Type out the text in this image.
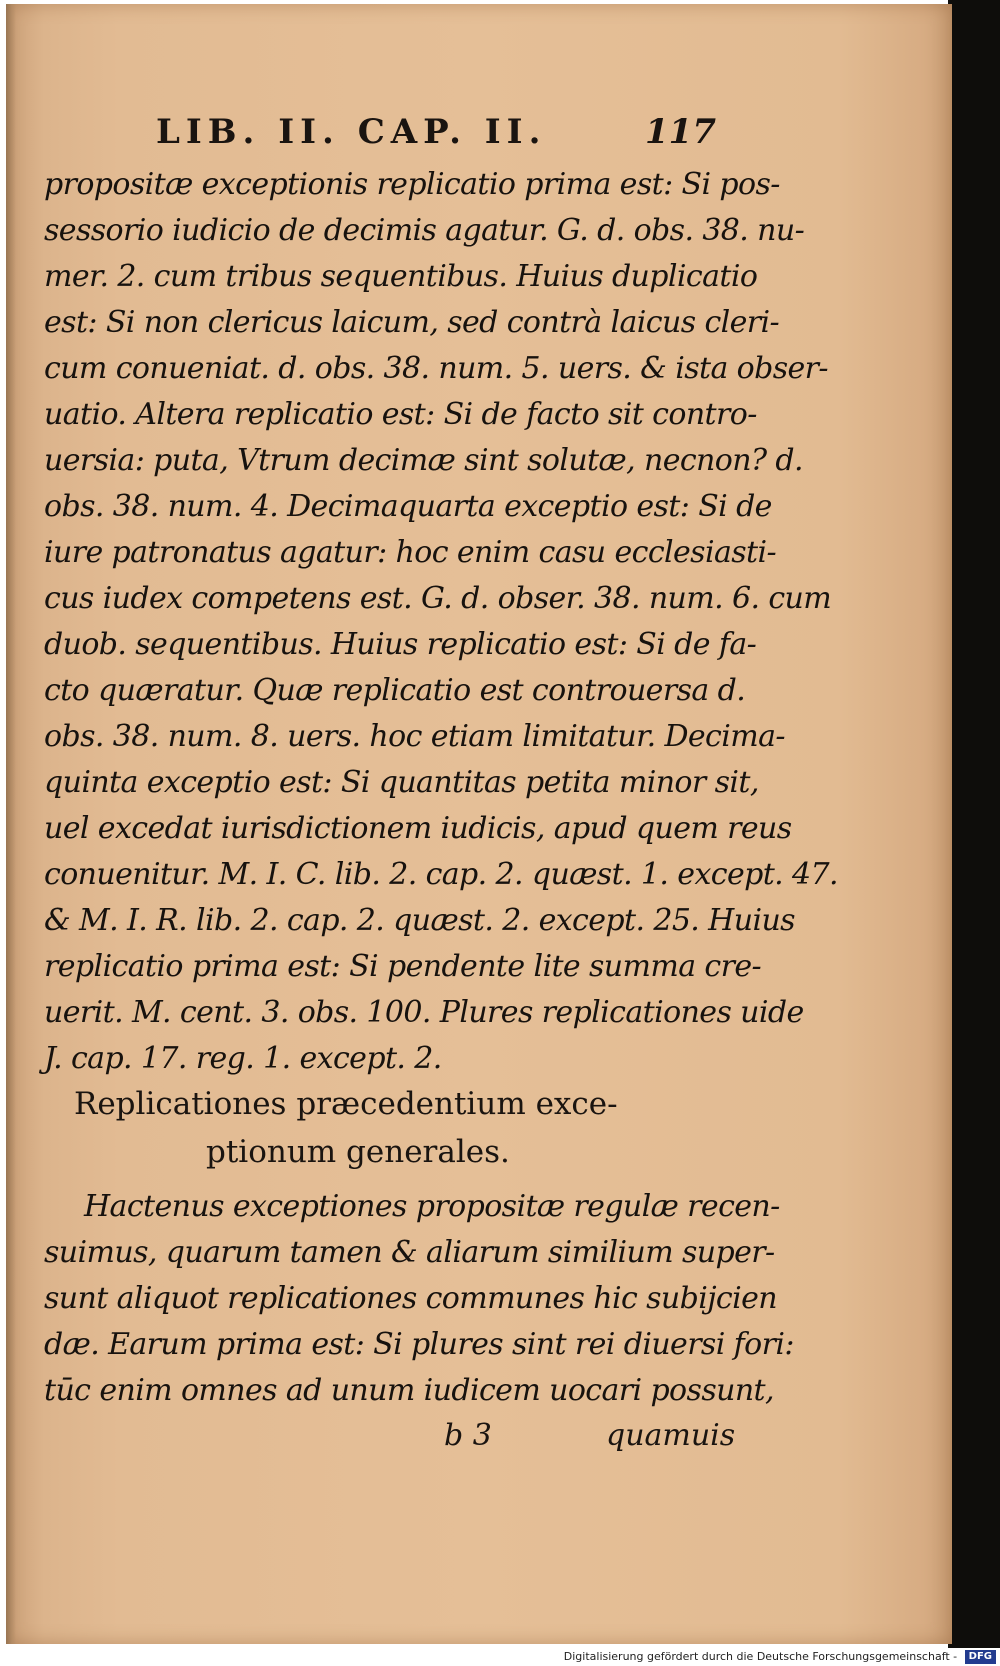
LIB. II. CAP. II.	117
propositæ exceptionis replicatio prima est: Si pos-
sessorio iudicio de decimis agatur. G. d. obs. 38. nu-
mer. 2. cum tribus sequentibus. Huius duplicatio
est: Si non clericus laicum, sed contrà laicus cleri-
cum conueniat. d. obs. 38. num. 5. uers. & ista obser-
uatio. Altera replicatio est: Si de facto sit contro-
uersia: puta, Vtrum decimæ sint solutæ, necnon? d.
obs. 38. num. 4. Decimaquarta exceptio est: Si de
iure patronatus agatur: hoc enim casu ecclesiasti-
cus iudex competens est. G. d. obser. 38. num. 6. cum
duob. sequentibus. Huius replicatio est: Si de fa-
cto quæratur. Quæ replicatio est controuersa d.
obs. 38. num. 8. uers. hoc etiam limitatur. Decima-
quinta exceptio est: Si quantitas petita minor sit,
uel excedat iurisdictionem iudicis, apud quem reus
conuenitur. M. I. C. lib. 2. cap. 2. quæst. 1. except. 47.
& M. I. R. lib. 2. cap. 2. quæst. 2. except. 25. Huius
replicatio prima est: Si pendente lite summa cre-
uerit. M. cent. 3. obs. 100. Plures replicationes uide
J. cap. 17. reg. 1. except. 2.
Replicationes præcedentium exce-
ptionum generales.
Hactenus exceptiones propositæ regulæ recen-
suimus, quarum tamen & aliarum similium super-
sunt aliquot replicationes communes hic subijcien
dæ. Earum prima est: Si plures sint rei diuersi fori:
tūc enim omnes ad unum iudicem uocari possunt,
b 3	quamuis
Digitalisierung gefördert durch die Deutsche Forschungsgemeinschaft - DFG
